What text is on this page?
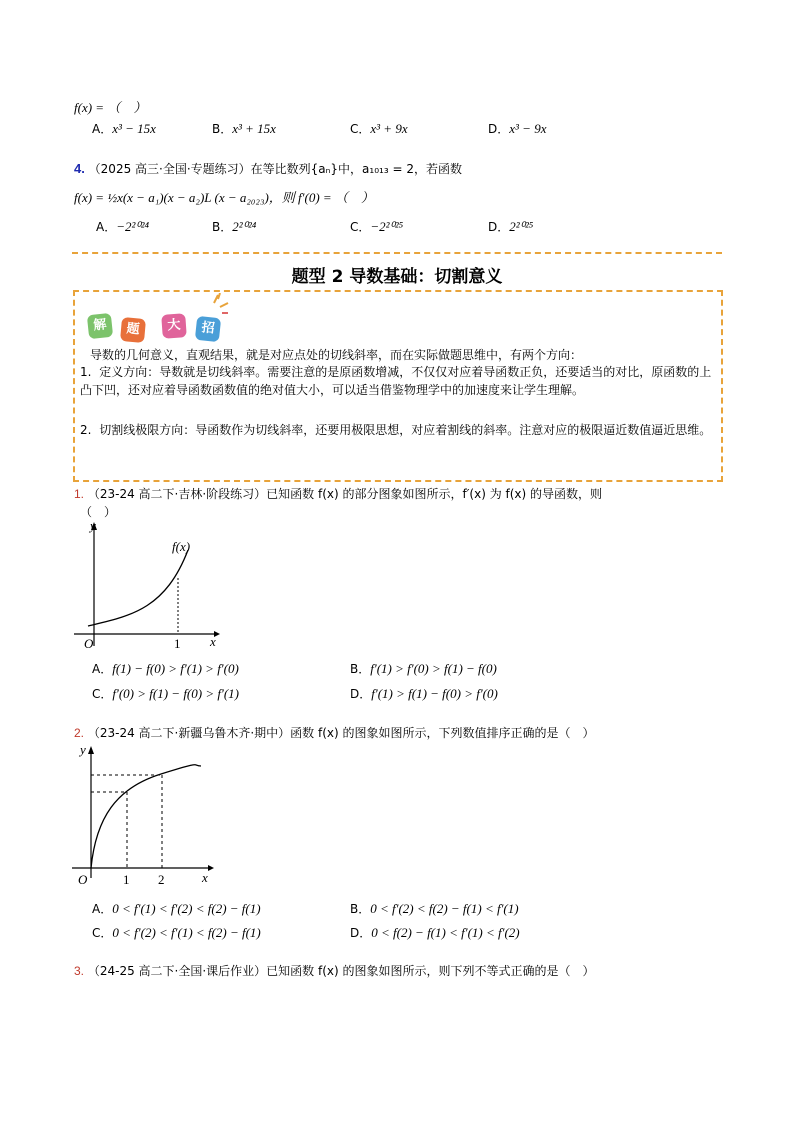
f(x) = （　）
A．x³ − 15x	B．x³ + 15x	C．x³ + 9x	D．x³ − 9x
4. （2025 高三·全国·专题练习）在等比数列{aₙ}中，a₁₀₁₃ = 2，若函数
f(x) = ½x(x − a₁)(x − a₂)L (x − a₂₀₂₃)，则 f′(0) = （　）
A．−2²⁰²⁴	B．2²⁰²⁴	C．−2²⁰²⁵	D．2²⁰²⁵
题型 2 导数基础：切割意义
解	题	大	招
导数的几何意义，直观结果，就是对应点处的切线斜率，而在实际做题思维中，有两个方向：
1. 定义方向：导数就是切线斜率。需要注意的是原函数增减，不仅仅对应着导函数正负，还要适当的对比，原函数的上凸下凹，还对应着导函数函数值的绝对值大小，可以适当借鉴物理学中的加速度来让学生理解。
2. 切割线极限方向：导函数作为切线斜率，还要用极限思想，对应着割线的斜率。注意对应的极限逼近数值逼近思维。
1. （23-24 高二下·吉林·阶段练习）已知函数 f(x) 的部分图象如图所示，f′(x) 为 f(x) 的导函数，则
（　）
y
x
O	1
f(x)
A．f(1) − f(0) > f′(1) > f′(0)	B．f′(1) > f′(0) > f(1) − f(0)
C．f′(0) > f(1) − f(0) > f′(1)	D．f′(1) > f(1) − f(0) > f′(0)
2. （23-24 高二下·新疆乌鲁木齐·期中）函数 f(x) 的图象如图所示，下列数值排序正确的是（　）
y
x
O	1 2
A．0 < f′(1) < f′(2) < f(2) − f(1)	B．0 < f′(2) < f(2) − f(1) < f′(1)
C．0 < f′(2) < f′(1) < f(2) − f(1)	D．0 < f(2) − f(1) < f′(1) < f′(2)
3. （24-25 高二下·全国·课后作业）已知函数 f(x) 的图象如图所示，则下列不等式正确的是（　）
